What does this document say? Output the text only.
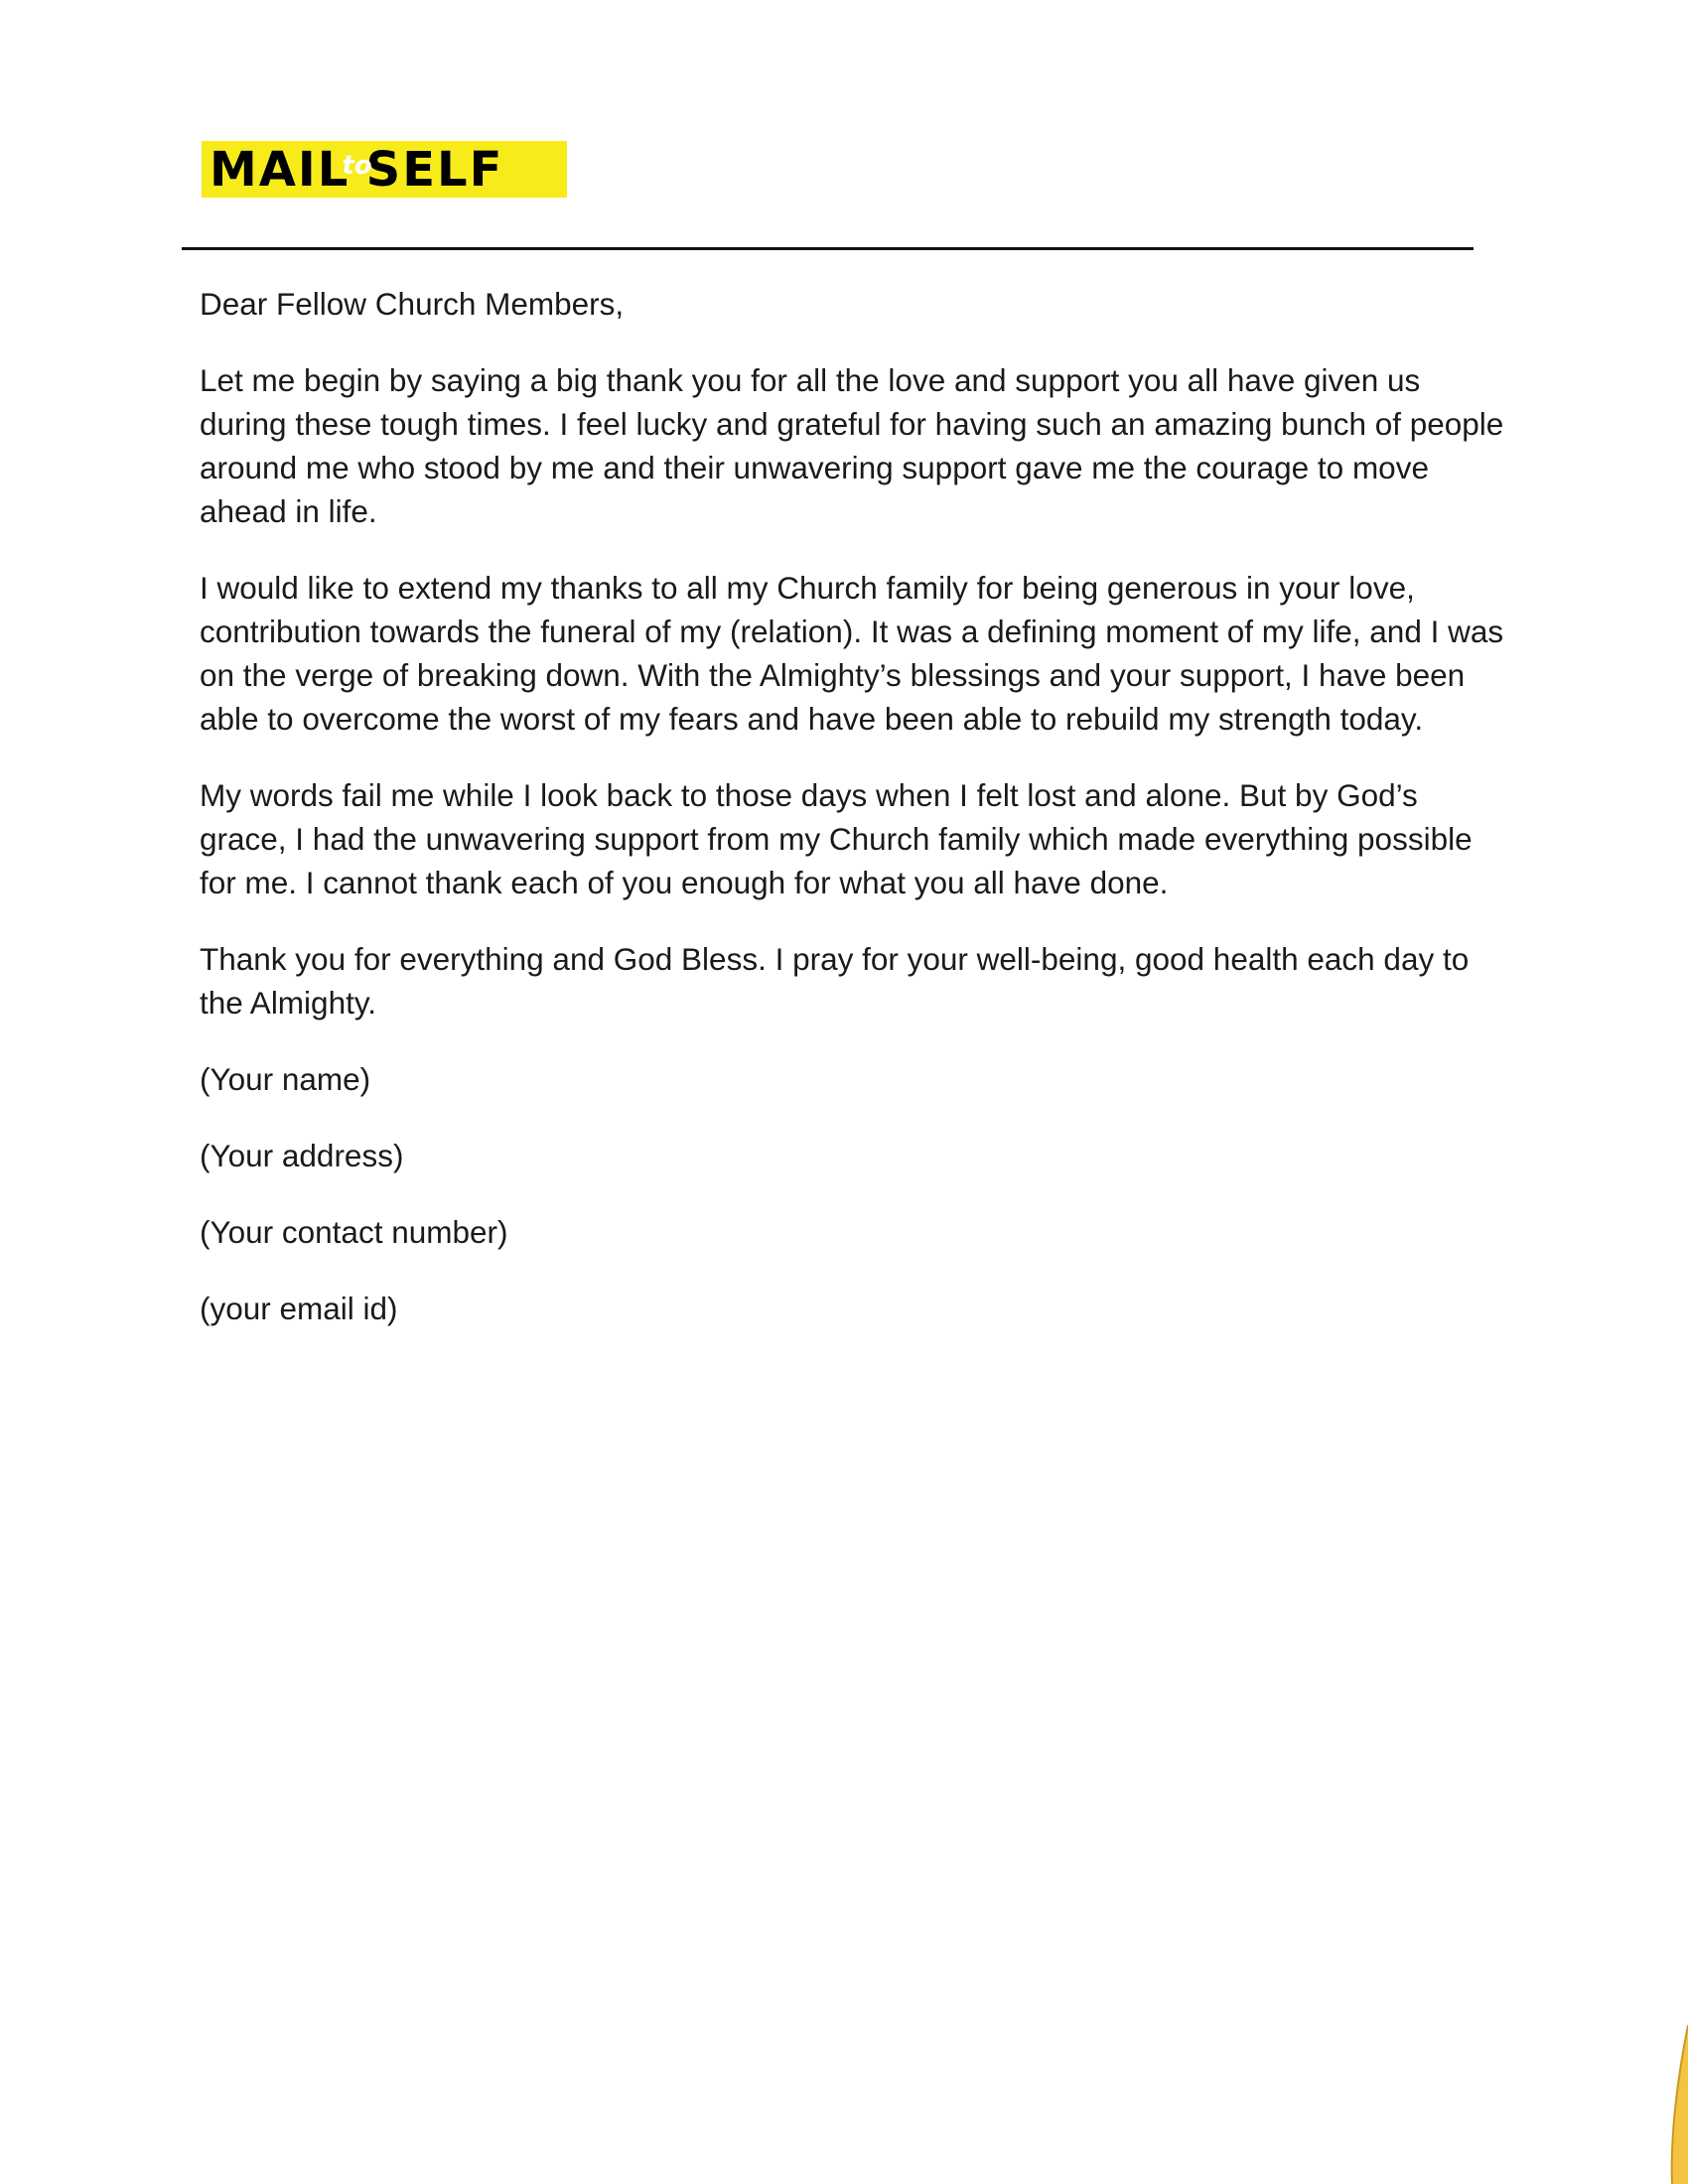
MAIL
to
SELF

Dear Fellow Church Members,

Let me begin by saying a big thank you for all the love and support you all have given us during these tough times. I feel lucky and grateful for having such an amazing bunch of people around me who stood by me and their unwavering support gave me the courage to move ahead in life.

I would like to extend my thanks to all my Church family for being generous in your love, contribution towards the funeral of my (relation). It was a defining moment of my life, and I was on the verge of breaking down. With the Almighty’s blessings and your support, I have been able to overcome the worst of my fears and have been able to rebuild my strength today.

My words fail me while I look back to those days when I felt lost and alone. But by God’s grace, I had the unwavering support from my Church family which made everything possible for me. I cannot thank each of you enough for what you all have done.

Thank you for everything and God Bless. I pray for your well-being, good health each day to the Almighty.

(Your name)

(Your address)

(Your contact number)

(your email id)
